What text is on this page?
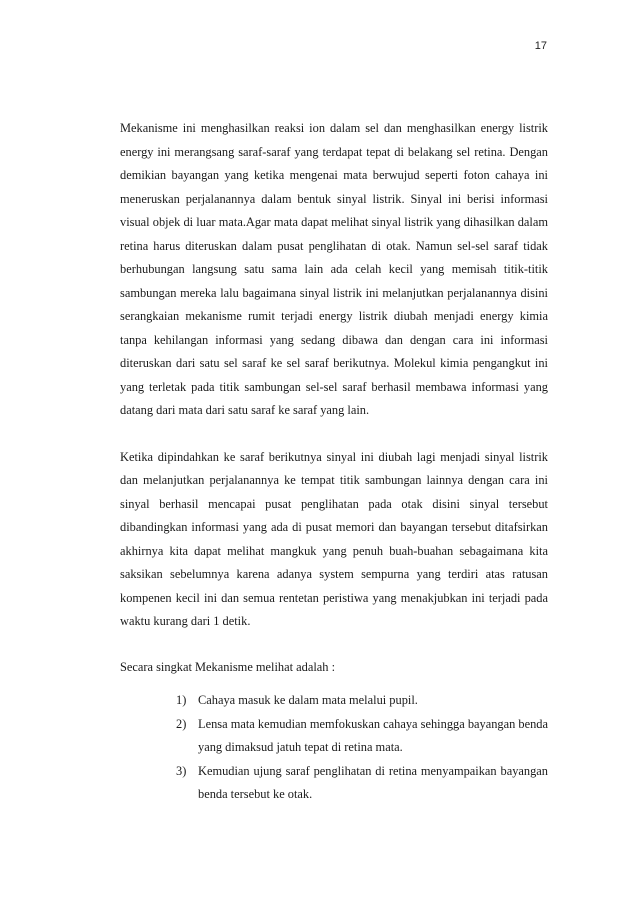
17

Mekanisme ini menghasilkan reaksi ion dalam sel dan menghasilkan energy listrik energy ini merangsang saraf-saraf yang terdapat tepat di belakang sel retina. Dengan demikian bayangan yang ketika mengenai mata berwujud seperti foton cahaya ini meneruskan perjalanannya dalam bentuk sinyal listrik. Sinyal ini berisi informasi visual objek di luar mata.Agar mata dapat melihat sinyal listrik yang dihasilkan dalam retina harus diteruskan dalam pusat penglihatan di otak. Namun sel-sel saraf tidak berhubungan langsung satu sama lain ada celah kecil yang memisah titik-titik sambungan mereka lalu bagaimana sinyal listrik ini melanjutkan perjalanannya disini serangkaian mekanisme rumit terjadi energy listrik diubah menjadi energy kimia tanpa kehilangan informasi yang sedang dibawa dan dengan cara ini informasi diteruskan dari satu sel saraf ke sel saraf berikutnya. Molekul kimia pengangkut ini yang terletak pada titik sambungan sel-sel saraf berhasil membawa informasi yang datang dari mata dari satu saraf ke saraf yang lain.

Ketika dipindahkan ke saraf berikutnya sinyal ini diubah lagi menjadi sinyal listrik dan melanjutkan perjalanannya ke tempat titik sambungan lainnya dengan cara ini sinyal berhasil mencapai pusat penglihatan pada otak disini sinyal tersebut dibandingkan informasi yang ada di pusat memori dan bayangan tersebut ditafsirkan akhirnya kita dapat melihat mangkuk yang penuh buah-buahan sebagaimana kita saksikan sebelumnya karena adanya system sempurna yang terdiri atas ratusan kompenen kecil ini dan semua rentetan peristiwa yang menakjubkan ini terjadi pada waktu kurang dari 1 detik.

Secara singkat Mekanisme melihat adalah :

1) Cahaya masuk ke dalam mata melalui pupil.
2) Lensa mata kemudian memfokuskan cahaya sehingga bayangan benda yang dimaksud jatuh tepat di retina mata.
3) Kemudian ujung saraf penglihatan di retina menyampaikan bayangan benda tersebut ke otak.
